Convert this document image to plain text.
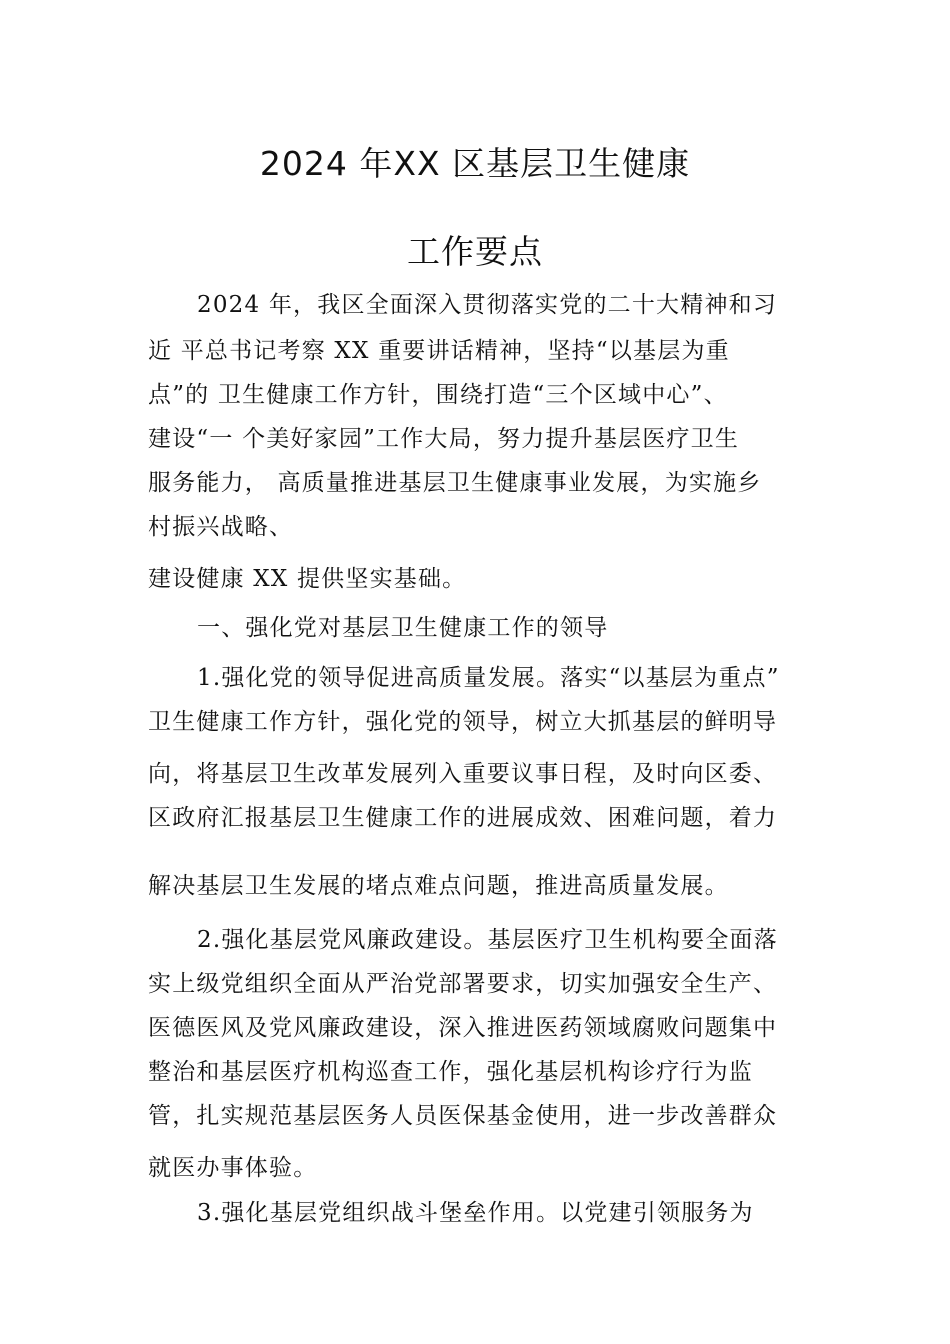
2024 年XX 区基层卫生健康
工作要点
2024 年，我区全面深入贯彻落实党的二十大精神和习
近 平总书记考察 XX 重要讲话精神，坚持“以基层为重
点”的 卫生健康工作方针，围绕打造“三个区域中心”、
建设“一 个美好家园”工作大局，努力提升基层医疗卫生
服务能力， 高质量推进基层卫生健康事业发展，为实施乡
村振兴战略、
建设健康 XX 提供坚实基础。
一、强化党对基层卫生健康工作的领导
1.强化党的领导促进高质量发展。落实“以基层为重点”
卫生健康工作方针，强化党的领导，树立大抓基层的鲜明导
向，将基层卫生改革发展列入重要议事日程，及时向区委、
区政府汇报基层卫生健康工作的进展成效、困难问题，着力
解决基层卫生发展的堵点难点问题，推进高质量发展。
2.强化基层党风廉政建设。基层医疗卫生机构要全面落
实上级党组织全面从严治党部署要求，切实加强安全生产、
医德医风及党风廉政建设，深入推进医药领域腐败问题集中
整治和基层医疗机构巡查工作，强化基层机构诊疗行为监
管，扎实规范基层医务人员医保基金使用，进一步改善群众
就医办事体验。
3.强化基层党组织战斗堡垒作用。以党建引领服务为
